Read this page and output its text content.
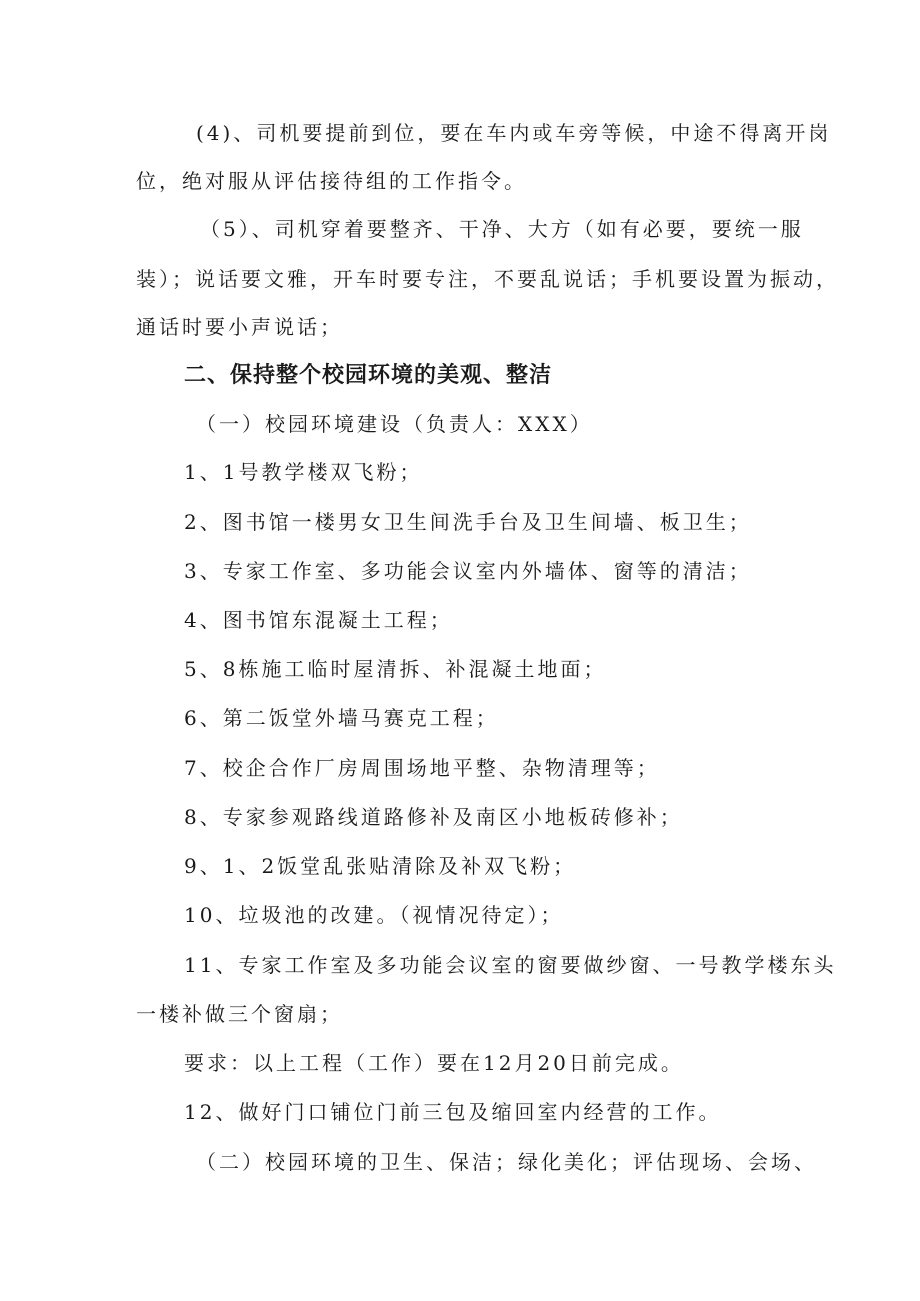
(4)、司机要提前到位，要在车内或车旁等候，中途不得离开岗
位，绝对服从评估接待组的工作指令。
（5）、司机穿着要整齐、干净、大方（如有必要，要统一服
装）；说话要文雅，开车时要专注，不要乱说话；手机要设置为振动，
通话时要小声说话；
二、保持整个校园环境的美观、整洁
（一）校园环境建设（负责人：XXX）
1、1号教学楼双飞粉；
2、图书馆一楼男女卫生间洗手台及卫生间墙、板卫生；
3、专家工作室、多功能会议室内外墙体、窗等的清洁；
4、图书馆东混凝土工程；
5、8栋施工临时屋清拆、补混凝土地面；
6、第二饭堂外墙马赛克工程；
7、校企合作厂房周围场地平整、杂物清理等；
8、专家参观路线道路修补及南区小地板砖修补；
9、1、2饭堂乱张贴清除及补双飞粉；
10、垃圾池的改建。（视情况待定）；
11、专家工作室及多功能会议室的窗要做纱窗、一号教学楼东头
一楼补做三个窗扇；
要求：以上工程（工作）要在12月20日前完成。
12、做好门口铺位门前三包及缩回室内经营的工作。
（二）校园环境的卫生、保洁；绿化美化；评估现场、会场、
